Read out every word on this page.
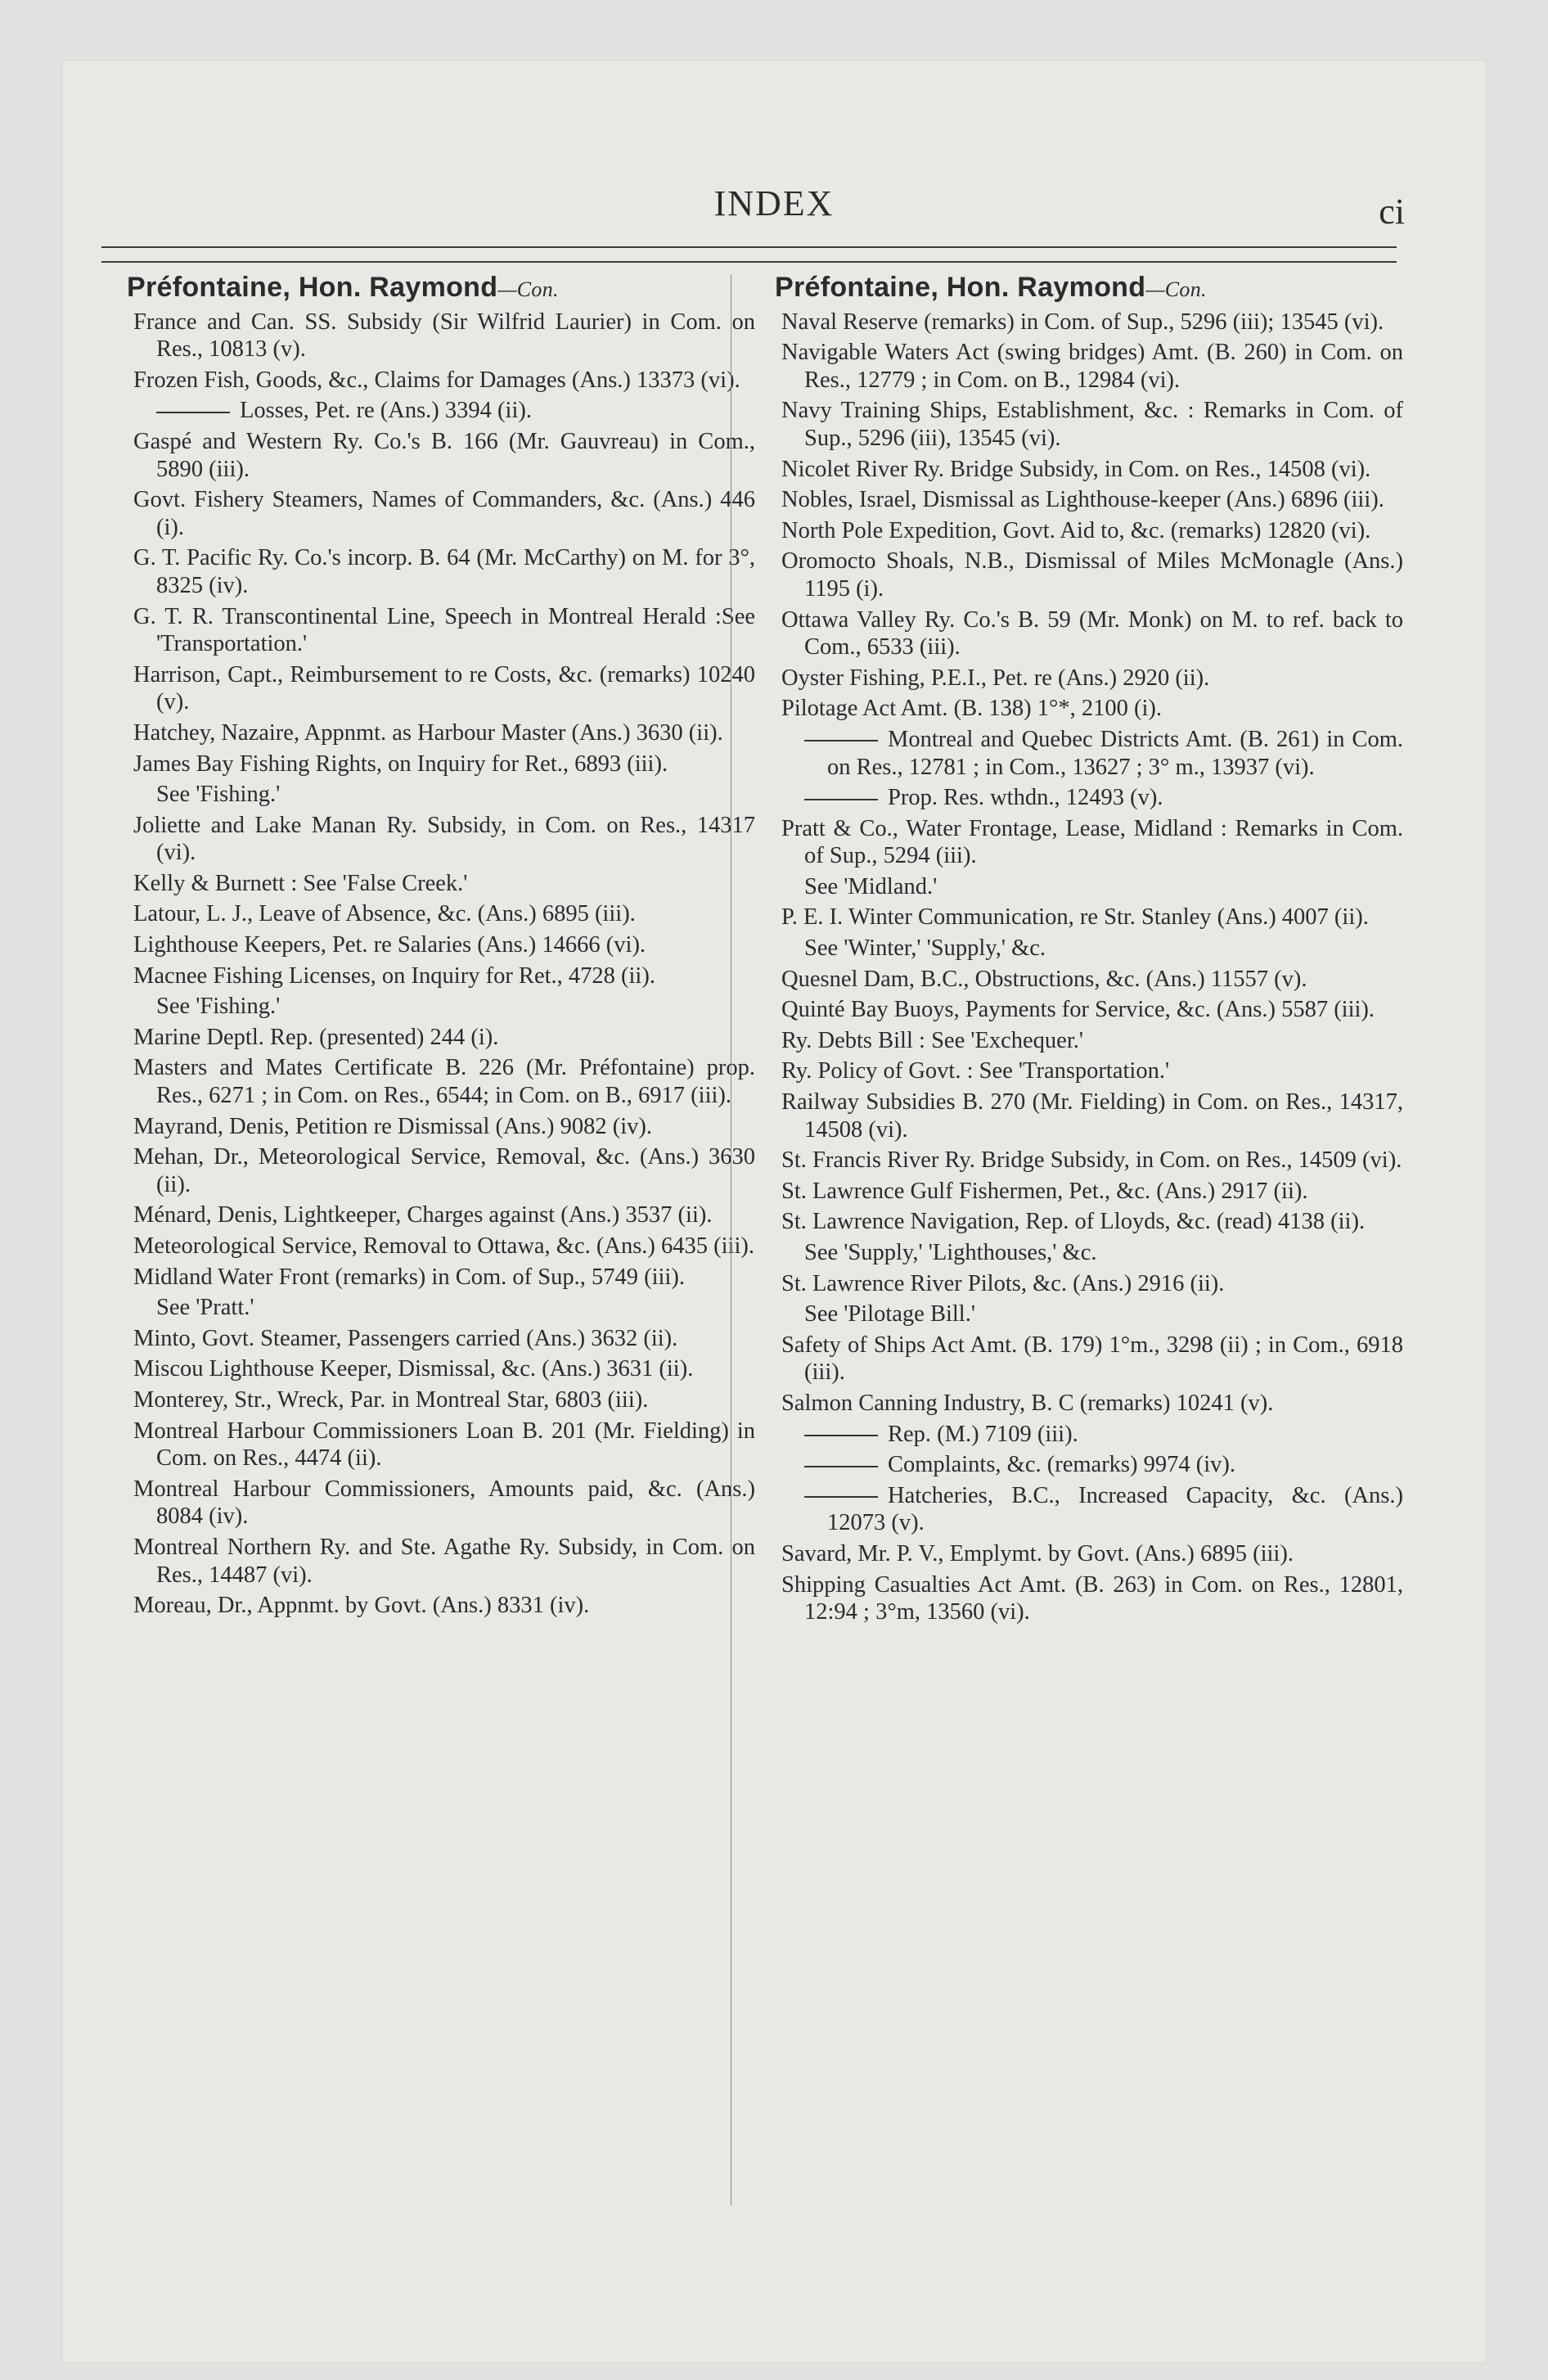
INDEX	ci
Préfontaine, Hon. Raymond—Con.
France and Can. SS. Subsidy (Sir Wilfrid Laurier) in Com. on Res., 10813 (v).
Frozen Fish, Goods, &c., Claims for Damages (Ans.) 13373 (vi).
Losses, Pet. re (Ans.) 3394 (ii).
Gaspé and Western Ry. Co.'s B. 166 (Mr. Gauvreau) in Com., 5890 (iii).
Govt. Fishery Steamers, Names of Commanders, &c. (Ans.) 446 (i).
G. T. Pacific Ry. Co.'s incorp. B. 64 (Mr. McCarthy) on M. for 3°, 8325 (iv).
G. T. R. Transcontinental Line, Speech in Montreal Herald :See 'Transportation.'
Harrison, Capt., Reimbursement to re Costs, &c. (remarks) 10240 (v).
Hatchey, Nazaire, Appnmt. as Harbour Master (Ans.) 3630 (ii).
James Bay Fishing Rights, on Inquiry for Ret., 6893 (iii).
See 'Fishing.'
Joliette and Lake Manan Ry. Subsidy, in Com. on Res., 14317 (vi).
Kelly & Burnett : See 'False Creek.'
Latour, L. J., Leave of Absence, &c. (Ans.) 6895 (iii).
Lighthouse Keepers, Pet. re Salaries (Ans.) 14666 (vi).
Macnee Fishing Licenses, on Inquiry for Ret., 4728 (ii).
See 'Fishing.'
Marine Deptl. Rep. (presented) 244 (i).
Masters and Mates Certificate B. 226 (Mr. Préfontaine) prop. Res., 6271 ; in Com. on Res., 6544; in Com. on B., 6917 (iii).
Mayrand, Denis, Petition re Dismissal (Ans.) 9082 (iv).
Mehan, Dr., Meteorological Service, Removal, &c. (Ans.) 3630 (ii).
Ménard, Denis, Lightkeeper, Charges against (Ans.) 3537 (ii).
Meteorological Service, Removal to Ottawa, &c. (Ans.) 6435 (iii).
Midland Water Front (remarks) in Com. of Sup., 5749 (iii).
See 'Pratt.'
Minto, Govt. Steamer, Passengers carried (Ans.) 3632 (ii).
Miscou Lighthouse Keeper, Dismissal, &c. (Ans.) 3631 (ii).
Monterey, Str., Wreck, Par. in Montreal Star, 6803 (iii).
Montreal Harbour Commissioners Loan B. 201 (Mr. Fielding) in Com. on Res., 4474 (ii).
Montreal Harbour Commissioners, Amounts paid, &c. (Ans.) 8084 (iv).
Montreal Northern Ry. and Ste. Agathe Ry. Subsidy, in Com. on Res., 14487 (vi).
Moreau, Dr., Appnmt. by Govt. (Ans.) 8331 (iv).
Préfontaine, Hon. Raymond—Con.
Naval Reserve (remarks) in Com. of Sup., 5296 (iii); 13545 (vi).
Navigable Waters Act (swing bridges) Amt. (B. 260) in Com. on Res., 12779 ; in Com. on B., 12984 (vi).
Navy Training Ships, Establishment, &c. : Remarks in Com. of Sup., 5296 (iii), 13545 (vi).
Nicolet River Ry. Bridge Subsidy, in Com. on Res., 14508 (vi).
Nobles, Israel, Dismissal as Lighthouse-keeper (Ans.) 6896 (iii).
North Pole Expedition, Govt. Aid to, &c. (remarks) 12820 (vi).
Oromocto Shoals, N.B., Dismissal of Miles McMonagle (Ans.) 1195 (i).
Ottawa Valley Ry. Co.'s B. 59 (Mr. Monk) on M. to ref. back to Com., 6533 (iii).
Oyster Fishing, P.E.I., Pet. re (Ans.) 2920 (ii).
Pilotage Act Amt. (B. 138) 1°*, 2100 (i).
Montreal and Quebec Districts Amt. (B. 261) in Com. on Res., 12781 ; in Com., 13627 ; 3° m., 13937 (vi).
Prop. Res. wthdn., 12493 (v).
Pratt & Co., Water Frontage, Lease, Midland : Remarks in Com. of Sup., 5294 (iii).
See 'Midland.'
P. E. I. Winter Communication, re Str. Stanley (Ans.) 4007 (ii).
See 'Winter,' 'Supply,' &c.
Quesnel Dam, B.C., Obstructions, &c. (Ans.) 11557 (v).
Quinté Bay Buoys, Payments for Service, &c. (Ans.) 5587 (iii).
Ry. Debts Bill : See 'Exchequer.'
Ry. Policy of Govt. : See 'Transportation.'
Railway Subsidies B. 270 (Mr. Fielding) in Com. on Res., 14317, 14508 (vi).
St. Francis River Ry. Bridge Subsidy, in Com. on Res., 14509 (vi).
St. Lawrence Gulf Fishermen, Pet., &c. (Ans.) 2917 (ii).
St. Lawrence Navigation, Rep. of Lloyds, &c. (read) 4138 (ii).
See 'Supply,' 'Lighthouses,' &c.
St. Lawrence River Pilots, &c. (Ans.) 2916 (ii).
See 'Pilotage Bill.'
Safety of Ships Act Amt. (B. 179) 1°m., 3298 (ii) ; in Com., 6918 (iii).
Salmon Canning Industry, B. C (remarks) 10241 (v).
Rep. (M.) 7109 (iii).
Complaints, &c. (remarks) 9974 (iv).
Hatcheries, B.C., Increased Capacity, &c. (Ans.) 12073 (v).
Savard, Mr. P. V., Emplymt. by Govt. (Ans.) 6895 (iii).
Shipping Casualties Act Amt. (B. 263) in Com. on Res., 12801, 12:94 ; 3°m, 13560 (vi).
